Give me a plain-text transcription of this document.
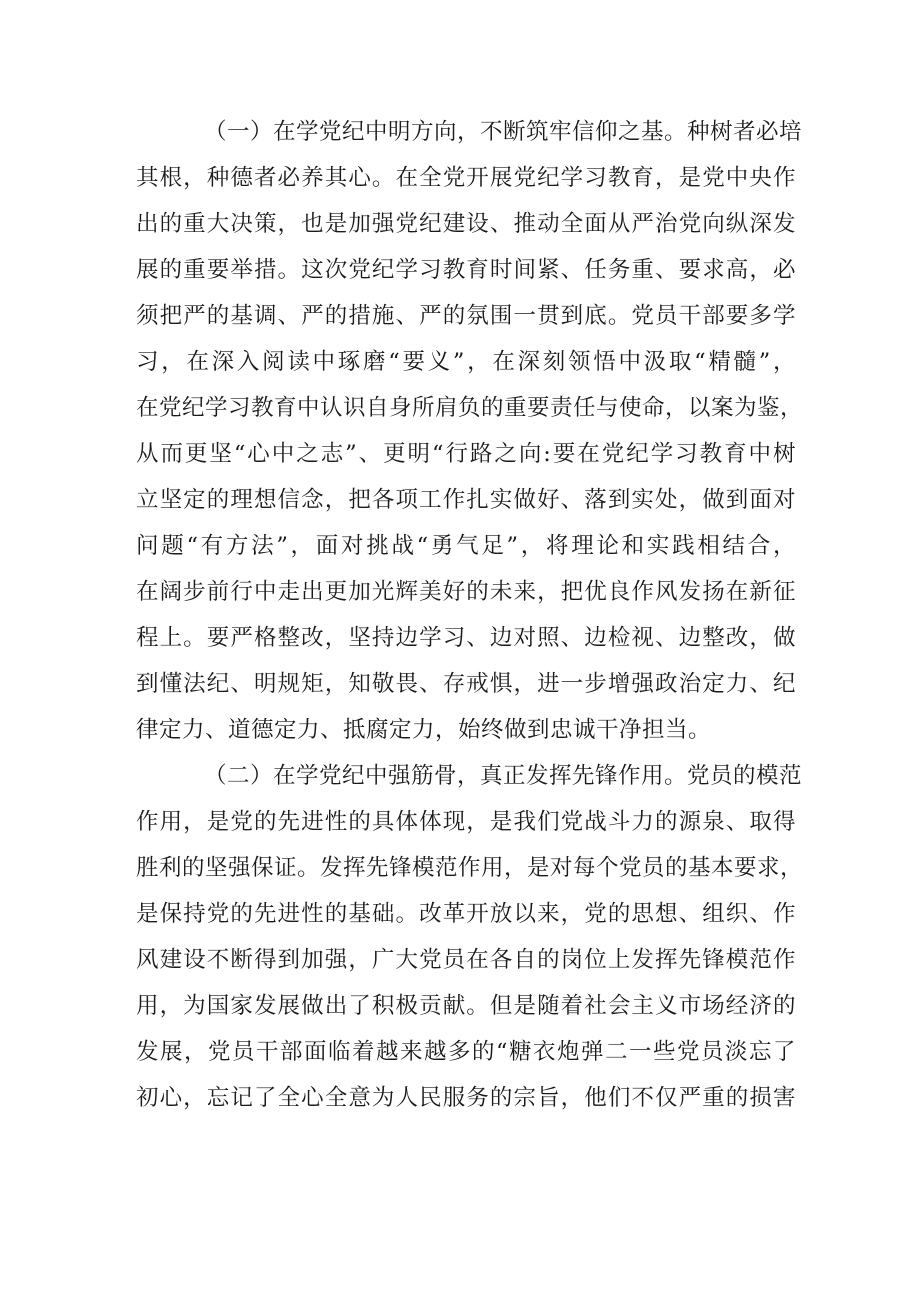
（一）在学党纪中明方向，不断筑牢信仰之基。种树者必培

其根，种德者必养其心。在全党开展党纪学习教育，是党中央作

出的重大决策，也是加强党纪建设、推动全面从严治党向纵深发

展的重要举措。这次党纪学习教育时间紧、任务重、要求高，必

须把严的基调、严的措施、严的氛围一贯到底。党员干部要多学

习，在深入阅读中琢磨“要义”，在深刻领悟中汲取“精髓”，

在党纪学习教育中认识自身所肩负的重要责任与使命，以案为鉴，

从而更坚“心中之志”、更明“行路之向:要在党纪学习教育中树

立坚定的理想信念，把各项工作扎实做好、落到实处，做到面对

问题“有方法”，面对挑战“勇气足”，将理论和实践相结合，

在阔步前行中走出更加光辉美好的未来，把优良作风发扬在新征

程上。要严格整改，坚持边学习、边对照、边检视、边整改，做

到懂法纪、明规矩，知敬畏、存戒惧，进一步增强政治定力、纪

律定力、道德定力、抵腐定力，始终做到忠诚干净担当。

（二）在学党纪中强筋骨，真正发挥先锋作用。党员的模范

作用，是党的先进性的具体体现，是我们党战斗力的源泉、取得

胜利的坚强保证。发挥先锋模范作用，是对每个党员的基本要求，

是保持党的先进性的基础。改革开放以来，党的思想、组织、作

风建设不断得到加强，广大党员在各自的岗位上发挥先锋模范作

用，为国家发展做出了积极贡献。但是随着社会主义市场经济的

发展，党员干部面临着越来越多的“糖衣炮弹二一些党员淡忘了

初心，忘记了全心全意为人民服务的宗旨，他们不仅严重的损害
